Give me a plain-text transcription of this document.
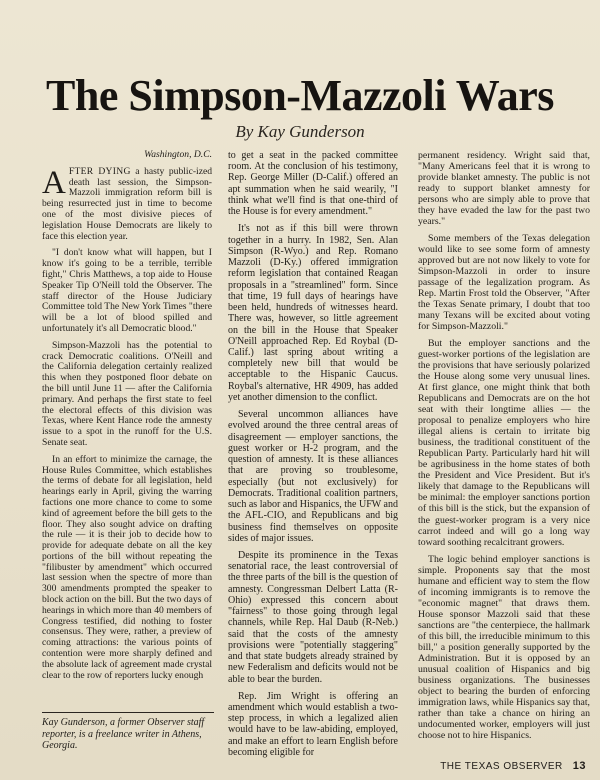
The Simpson-Mazzoli Wars
By Kay Gunderson

Washington, D.C.

AFTER DYING a hasty public-ized death last session, the Simpson-Mazzoli immigration reform bill is being resurrected just in time to become one of the most divisive pieces of legislation House Democrats are likely to face this election year.

"I don't know what will happen, but I know it's going to be a terrible, terrible fight," Chris Matthews, a top aide to House Speaker Tip O'Neill told the Observer. The staff director of the House Judiciary Committee told The New York Times "there will be a lot of blood spilled and unfortunately it's all Democratic blood."

Simpson-Mazzoli has the potential to crack Democratic coalitions. O'Neill and the California delegation certainly realized this when they postponed floor debate on the bill until June 11 — after the California primary. And perhaps the first state to feel the electoral effects of this division was Texas, where Kent Hance rode the amnesty issue to a spot in the runoff for the U.S. Senate seat.

In an effort to minimize the carnage, the House Rules Committee, which establishes the terms of debate for all legislation, held hearings early in April, giving the warring factions one more chance to come to some kind of agreement before the bill gets to the floor. They also sought advice on drafting the rule — it is their job to decide how to provide for adequate debate on all the key portions of the bill without repeating the "filibuster by amendment" which occurred last session when the spectre of more than 300 amendments prompted the speaker to block action on the bill. But the two days of hearings in which more than 40 members of Congress testified, did nothing to foster consensus. They were, rather, a preview of coming attractions: the various points of contention were more sharply defined and the absolute lack of agreement made crystal clear to the row of reporters lucky enough

Kay Gunderson, a former Observer staff reporter, is a freelance writer in Athens, Georgia.

to get a seat in the packed committee room. At the conclusion of his testimony, Rep. George Miller (D-Calif.) offered an apt summation when he said wearily, "I think what we'll find is that one-third of the House is for every amendment."

It's not as if this bill were thrown together in a hurry. In 1982, Sen. Alan Simpson (R-Wyo.) and Rep. Romano Mazzoli (D-Ky.) offered immigration reform legislation that contained Reagan proposals in a "streamlined" form. Since that time, 19 full days of hearings have been held, hundreds of witnesses heard. There was, however, so little agreement on the bill in the House that Speaker O'Neill approached Rep. Ed Roybal (D-Calif.) last spring about writing a completely new bill that would be acceptable to the Hispanic Caucus. Roybal's alternative, HR 4909, has added yet another dimension to the conflict.

Several uncommon alliances have evolved around the three central areas of disagreement — employer sanctions, the guest worker or H-2 program, and the question of amnesty. It is these alliances that are proving so troublesome, especially (but not exclusively) for Democrats. Traditional coalition partners, such as labor and Hispanics, the UFW and the AFL-CIO, and Republicans and big business find themselves on opposite sides of major issues.

Despite its prominence in the Texas senatorial race, the least controversial of the three parts of the bill is the question of amnesty. Congressman Delbert Latta (R-Ohio) expressed this concern about "fairness" to those going through legal channels, while Rep. Hal Daub (R-Neb.) said that the costs of the amnesty provisions were "potentially staggering" and that state budgets already strained by new Federalism and deficits would not be able to bear the burden.

Rep. Jim Wright is offering an amendment which would establish a two-step process, in which a legalized alien would have to be law-abiding, employed, and make an effort to learn English before becoming eligible for

permanent residency. Wright said that, "Many Americans feel that it is wrong to provide blanket amnesty. The public is not ready to support blanket amnesty for persons who are simply able to prove that they have evaded the law for the past two years."

Some members of the Texas delegation would like to see some form of amnesty approved but are not now likely to vote for Simpson-Mazzoli in order to insure passage of the legalization program. As Rep. Martin Frost told the Observer, "After the Texas Senate primary, I doubt that too many Texans will be excited about voting for Simpson-Mazzoli."

But the employer sanctions and the guest-worker portions of the legislation are the provisions that have seriously polarized the House along some very unusual lines. At first glance, one might think that both Republicans and Democrats are on the hot seat with their longtime allies — the proposal to penalize employers who hire illegal aliens is certain to irritate big business, the traditional constituent of the Republican Party. Particularly hard hit will be agribusiness in the home states of both the President and Vice President. But it's likely that damage to the Republicans will be minimal: the employer sanctions portion of this bill is the stick, but the expansion of the guest-worker program is a very nice carrot indeed and will go a long way toward soothing recalcitrant growers.

The logic behind employer sanctions is simple. Proponents say that the most humane and efficient way to stem the flow of incoming immigrants is to remove the "economic magnet" that draws them. House sponsor Mazzoli said that these sanctions are "the centerpiece, the hallmark of this bill, the irreducible minimum to this bill," a position generally supported by the Administration. But it is opposed by an unusual coalition of Hispanics and big business organizations. The businesses object to bearing the burden of enforcing immigration laws, while Hispanics say that, rather than take a chance on hiring an undocumented worker, employers will just choose not to hire Hispanics.

THE TEXAS OBSERVER 13
